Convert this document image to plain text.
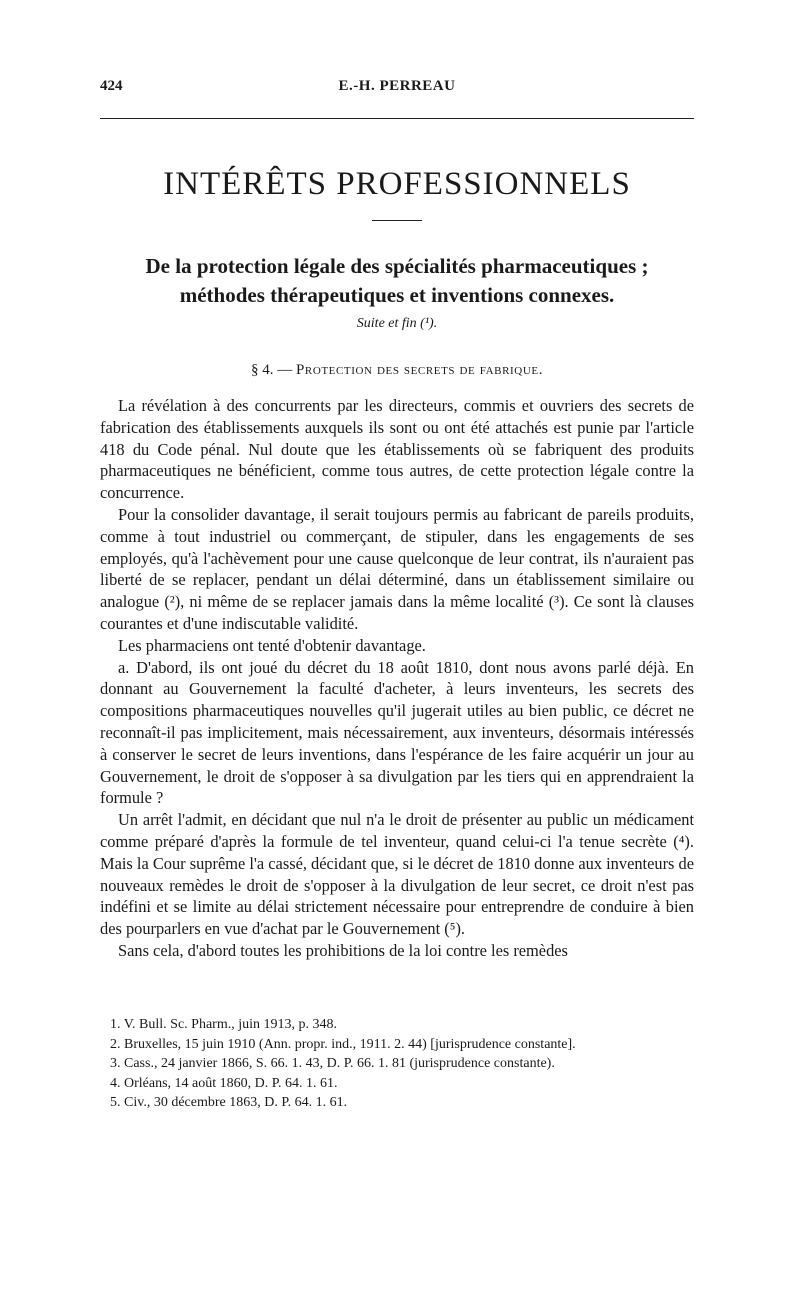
424	E.-H. PERREAU
INTÉRÊTS PROFESSIONNELS
De la protection légale des spécialités pharmaceutiques ;
méthodes thérapeutiques et inventions connexes.
Suite et fin (¹).
§ 4. — Protection des secrets de fabrique.

La révélation à des concurrents par les directeurs, commis et ouvriers des secrets de fabrication des établissements auxquels ils sont ou ont été attachés est punie par l'article 418 du Code pénal. Nul doute que les établissements où se fabriquent des produits pharmaceutiques ne bénéficient, comme tous autres, de cette protection légale contre la concurrence.

Pour la consolider davantage, il serait toujours permis au fabricant de pareils produits, comme à tout industriel ou commerçant, de stipuler, dans les engagements de ses employés, qu'à l'achèvement pour une cause quelconque de leur contrat, ils n'auraient pas liberté de se replacer, pendant un délai déterminé, dans un établissement similaire ou analogue (²), ni même de se replacer jamais dans la même localité (³). Ce sont là clauses courantes et d'une indiscutable validité.

Les pharmaciens ont tenté d'obtenir davantage.

a. D'abord, ils ont joué du décret du 18 août 1810, dont nous avons parlé déjà. En donnant au Gouvernement la faculté d'acheter, à leurs inventeurs, les secrets des compositions pharmaceutiques nouvelles qu'il jugerait utiles au bien public, ce décret ne reconnaît-il pas implicitement, mais nécessairement, aux inventeurs, désormais intéressés à conserver le secret de leurs inventions, dans l'espérance de les faire acquérir un jour au Gouvernement, le droit de s'opposer à sa divulgation par les tiers qui en apprendraient la formule ?

Un arrêt l'admit, en décidant que nul n'a le droit de présenter au public un médicament comme préparé d'après la formule de tel inventeur, quand celui-ci l'a tenue secrète (⁴). Mais la Cour suprême l'a cassé, décidant que, si le décret de 1810 donne aux inventeurs de nouveaux remèdes le droit de s'opposer à la divulgation de leur secret, ce droit n'est pas indéfini et se limite au délai strictement nécessaire pour entreprendre de conduire à bien des pourparlers en vue d'achat par le Gouvernement (⁵).

Sans cela, d'abord toutes les prohibitions de la loi contre les remèdes

1. V. Bull. Sc. Pharm., juin 1913, p. 348.
2. Bruxelles, 15 juin 1910 (Ann. propr. ind., 1911. 2. 44) [jurisprudence constante].
3. Cass., 24 janvier 1866, S. 66. 1. 43, D. P. 66. 1. 81 (jurisprudence constante).
4. Orléans, 14 août 1860, D. P. 64. 1. 61.
5. Civ., 30 décembre 1863, D. P. 64. 1. 61.
